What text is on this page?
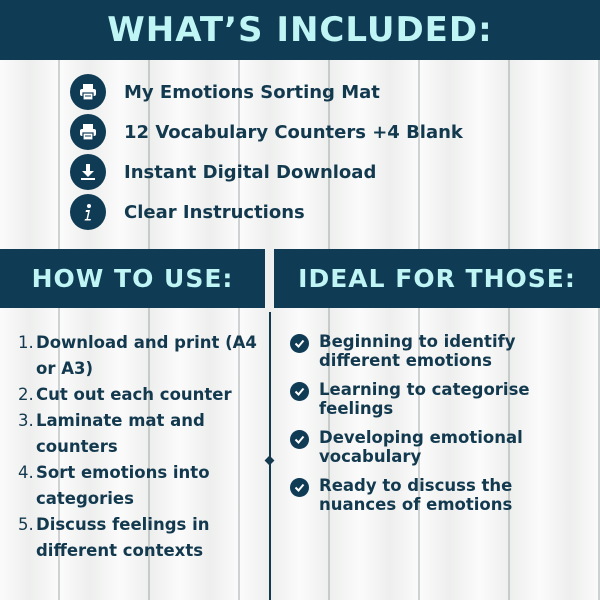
WHAT’S INCLUDED:
My Emotions Sorting Mat
12 Vocabulary Counters +4 Blank
Instant Digital Download
Clear Instructions
HOW TO USE:	IDEAL FOR THOSE:
1. Download and print (A4 or A3)
2. Cut out each counter
3. Laminate mat and counters
4. Sort emotions into categories
5. Discuss feelings in different contexts
Beginning to identify different emotions
Learning to categorise feelings
Developing emotional vocabulary
Ready to discuss the nuances of emotions
